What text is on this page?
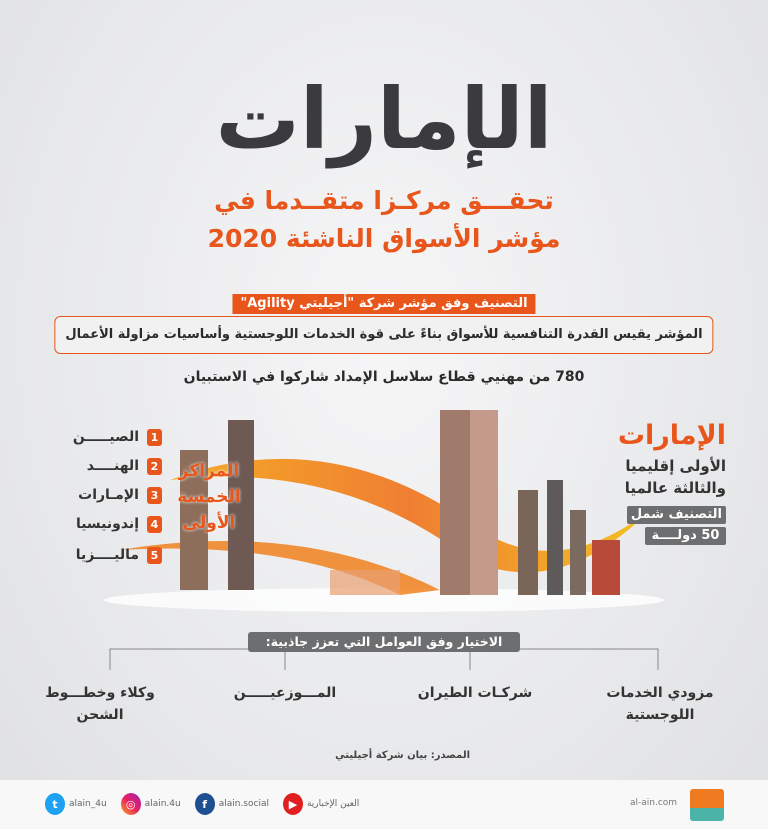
الإمارات
تحقـــق مركـزا متقــدما في
مؤشر الأسواق الناشئة 2020
التصنيف وفق مؤشر شركة "أجيليتي Agility"
المؤشر يقيس القدرة التنافسية للأسواق بناءً على قوة الخدمات اللوجستية وأساسيات مزاولة الأعمال
780 من مهنيي قطاع سلاسل الإمداد شاركوا في الاستبيان
المراكز
الخمسة
الأولى
1
الصيـــــن
2
الهنــــد
3
الإمـارات
4
إندونيسيا
5
ماليــــزيا
الإمارات
الأولى إقليميا
والثالثة عالميا
التصنيف شمل
50 دولــــة
الاختيار وفق العوامل التي تعزز جاذبية:
مزودي الخدمات
اللوجستية
شركـات الطيران
المـــوزعيـــــن
وكلاء وخطـــوط
الشحن
المصدر: بيان شركة أجيليتي
t	alain_4u	◎	alain.4u	f	alain.social	▶	العين الإخبارية	al-ain.com
